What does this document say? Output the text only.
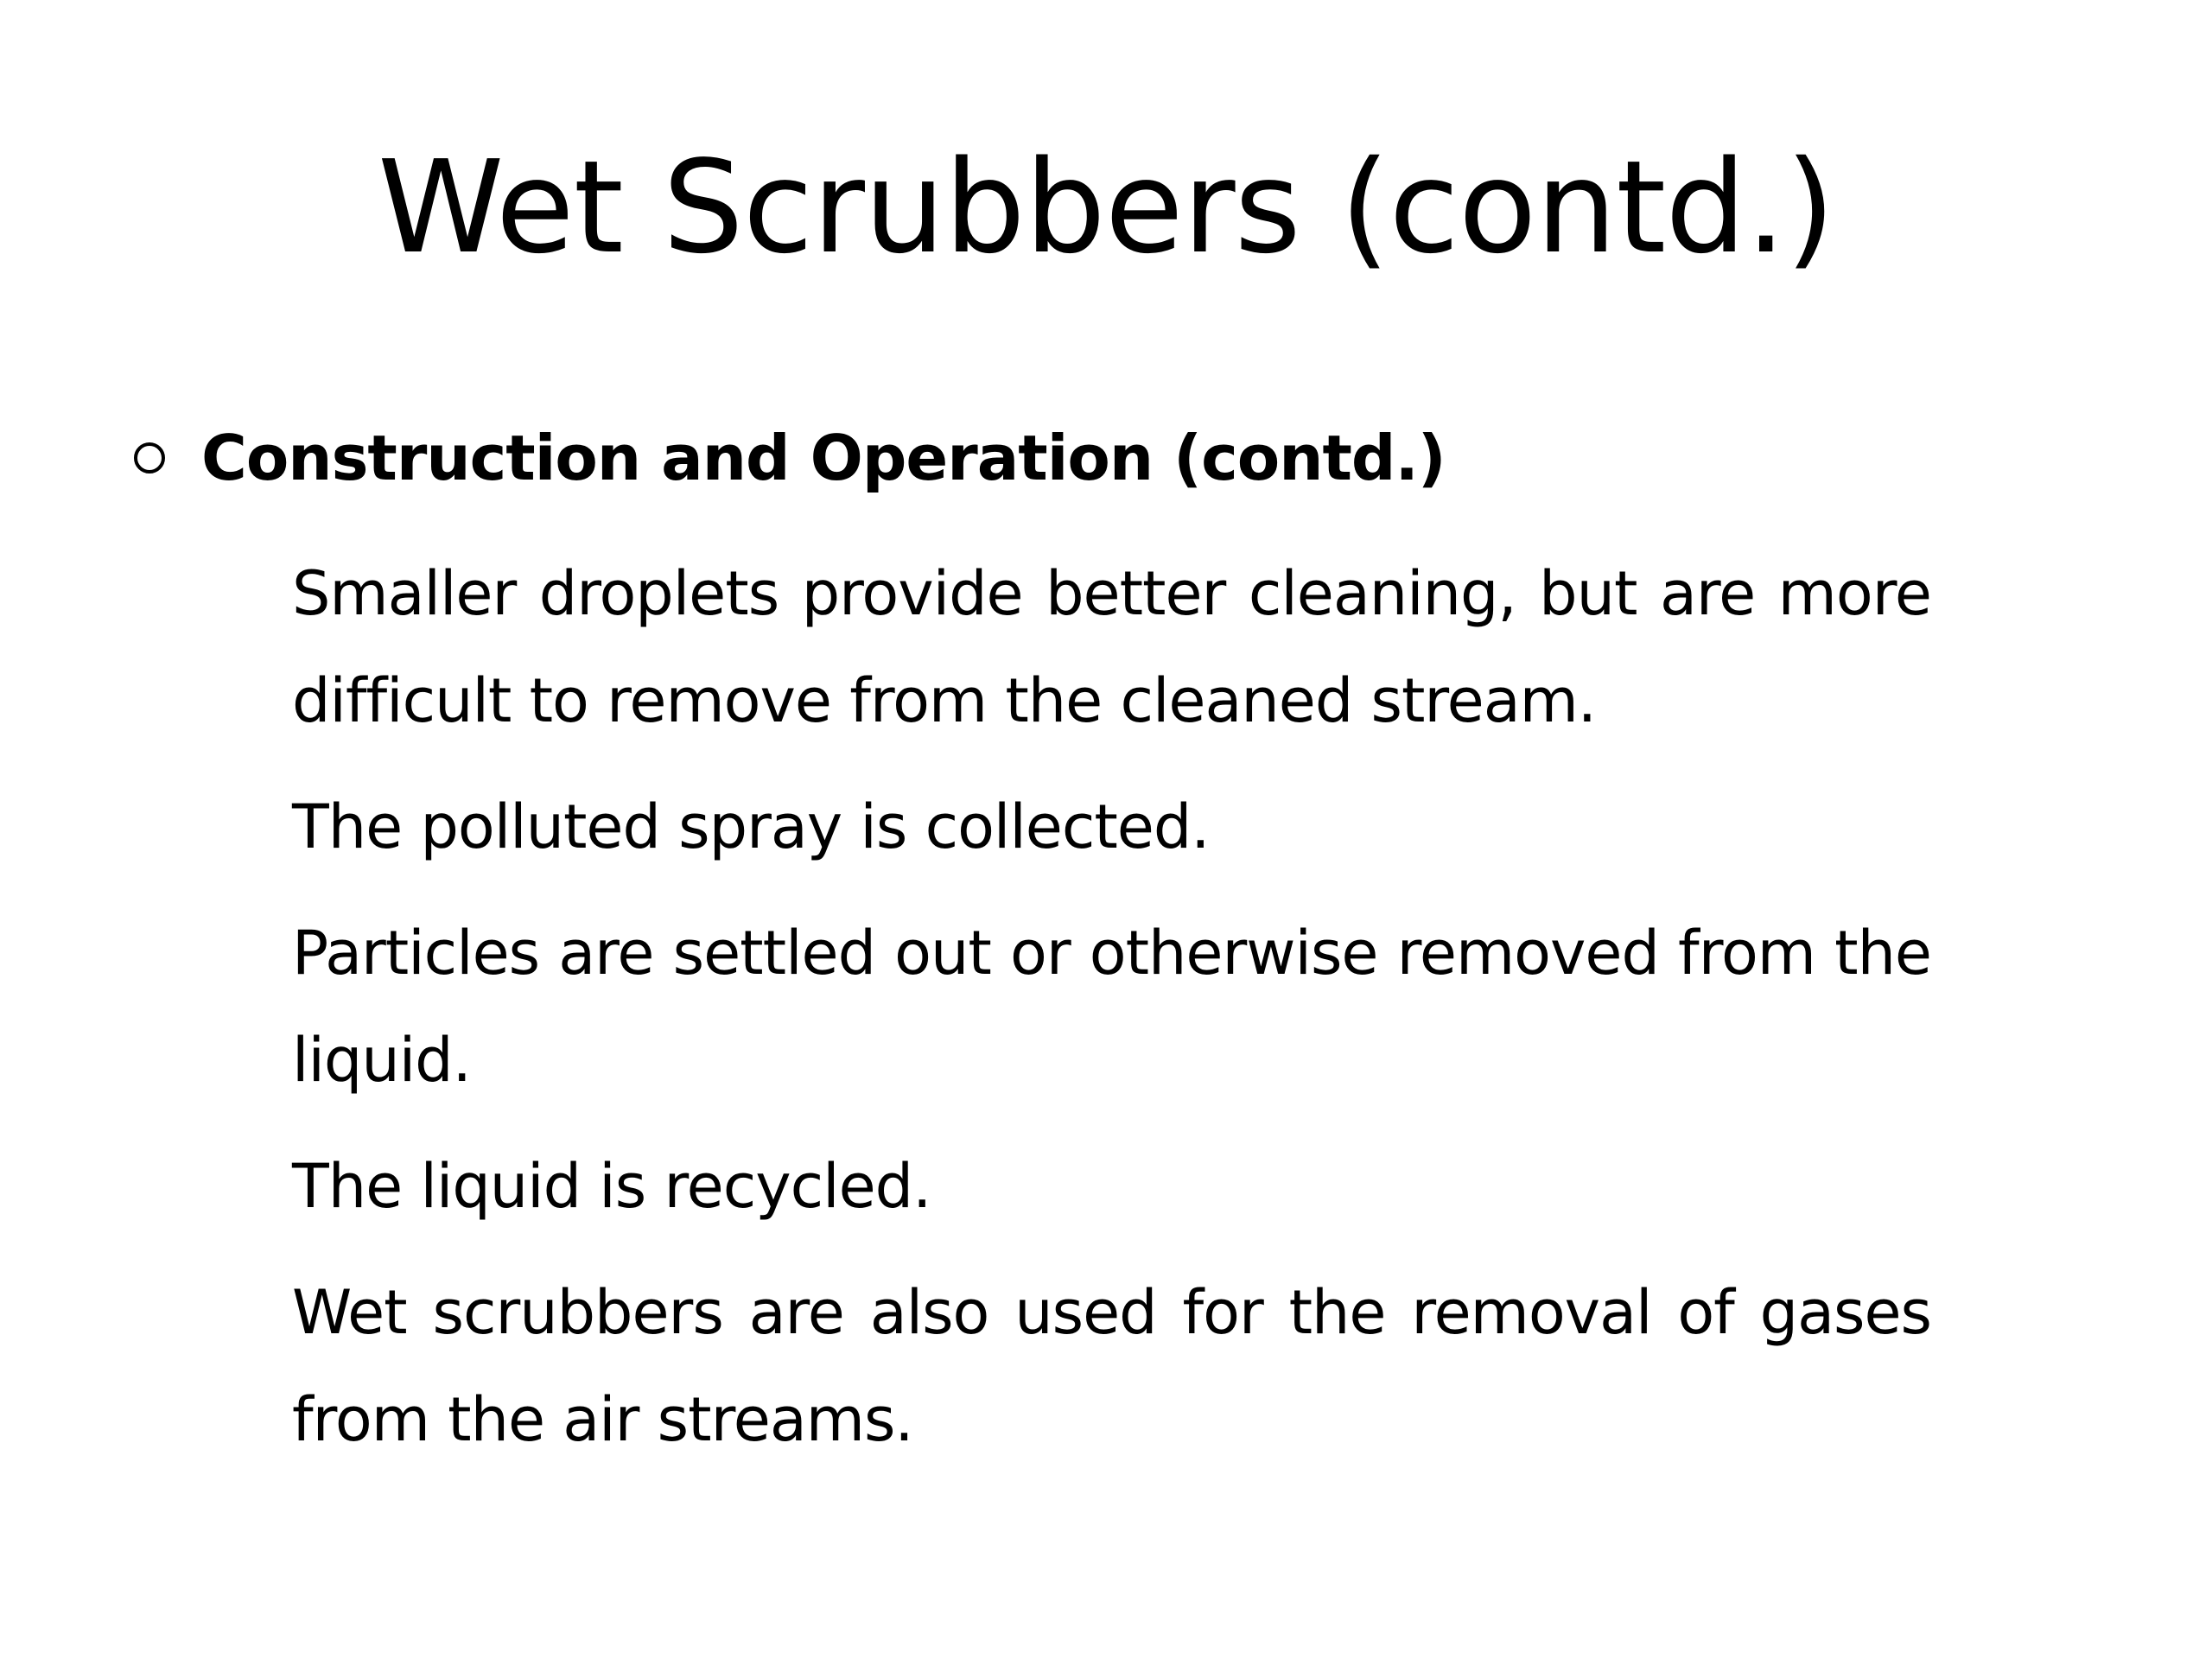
Wet Scrubbers (contd.)
Construction and Operation (contd.)
Smaller droplets provide better cleaning, but are more difficult to remove from the cleaned stream.
The polluted spray is collected.
Particles are settled out or otherwise removed from the liquid.
The liquid is recycled.
Wet scrubbers are also used for the removal of gases from the air streams.
